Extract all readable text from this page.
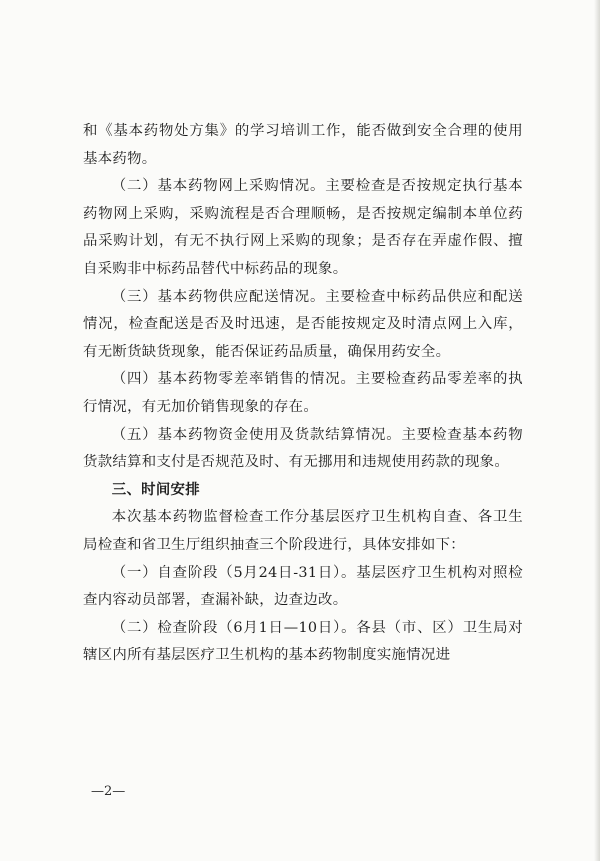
和《基本药物处方集》的学习培训工作，能否做到安全合理的使用基本药物。

（二）基本药物网上采购情况。主要检查是否按规定执行基本药物网上采购，采购流程是否合理顺畅，是否按规定编制本单位药品采购计划，有无不执行网上采购的现象；是否存在弄虚作假、擅自采购非中标药品替代中标药品的现象。

（三）基本药物供应配送情况。主要检查中标药品供应和配送情况，检查配送是否及时迅速，是否能按规定及时清点网上入库，有无断货缺货现象，能否保证药品质量，确保用药安全。

（四）基本药物零差率销售的情况。主要检查药品零差率的执行情况，有无加价销售现象的存在。

（五）基本药物资金使用及货款结算情况。主要检查基本药物货款结算和支付是否规范及时、有无挪用和违规使用药款的现象。

三、时间安排

本次基本药物监督检查工作分基层医疗卫生机构自查、各卫生局检查和省卫生厅组织抽查三个阶段进行，具体安排如下：

（一）自查阶段（5月24日-31日）。基层医疗卫生机构对照检查内容动员部署，查漏补缺，边查边改。

（二）检查阶段（6月1日—10日）。各县（市、区）卫生局对辖区内所有基层医疗卫生机构的基本药物制度实施情况进

—2—
